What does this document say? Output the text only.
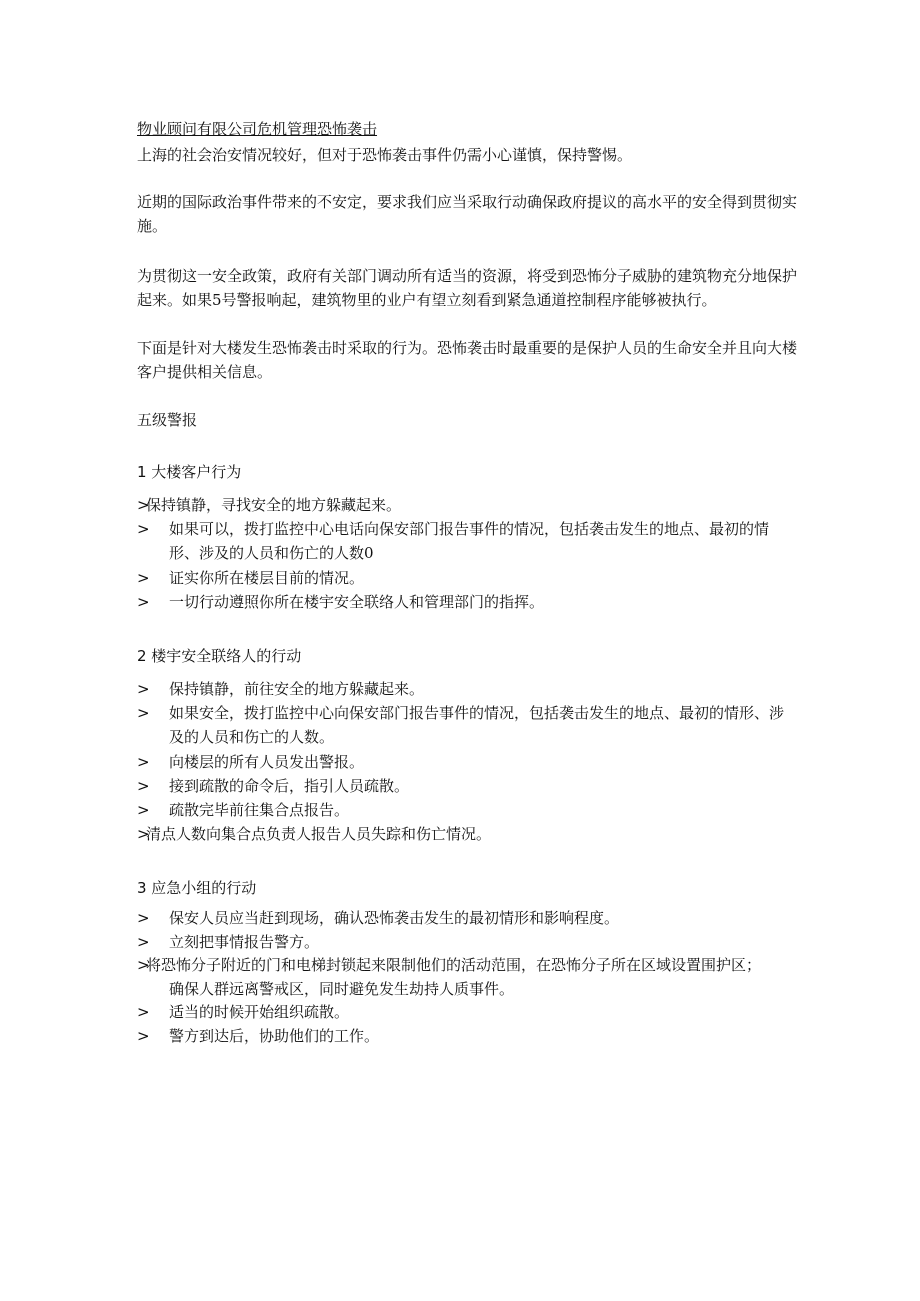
物业顾问有限公司危机管理恐怖袭击

上海的社会治安情况较好，但对于恐怖袭击事件仍需小心谨慎，保持警惕。

近期的国际政治事件带来的不安定，要求我们应当采取行动确保政府提议的高水平的安全得到贯彻实施。

为贯彻这一安全政策，政府有关部门调动所有适当的资源，将受到恐怖分子威胁的建筑物充分地保护起来。如果5号警报响起，建筑物里的业户有望立刻看到紧急通道控制程序能够被执行。

下面是针对大楼发生恐怖袭击时采取的行为。恐怖袭击时最重要的是保护人员的生命安全并且向大楼客户提供相关信息。

五级警报
1 大楼客户行为
>
保持镇静，寻找安全的地方躲藏起来。
>	如果可以，拨打监控中心电话向保安部门报告事件的情况，包括袭击发生的地点、最初的情形、涉及的人员和伤亡的人数0
>	证实你所在楼层目前的情况。
>	一切行动遵照你所在楼宇安全联络人和管理部门的指挥。
2 楼宇安全联络人的行动
>	保持镇静，前往安全的地方躲藏起来。
>	如果安全，拨打监控中心向保安部门报告事件的情况，包括袭击发生的地点、最初的情形、涉及的人员和伤亡的人数。
>	向楼层的所有人员发出警报。
>	接到疏散的命令后，指引人员疏散。
>	疏散完毕前往集合点报告。
>
清点人数向集合点负责人报告人员失踪和伤亡情况。
3 应急小组的行动
>	保安人员应当赶到现场，确认恐怖袭击发生的最初情形和影响程度。
>	立刻把事情报告警方。
>
将恐怖分子附近的门和电梯封锁起来限制他们的活动范围，在恐怖分子所在区域设置围护区；
确保人群远离警戒区，同时避免发生劫持人质事件。
>	适当的时候开始组织疏散。
>	警方到达后，协助他们的工作。
